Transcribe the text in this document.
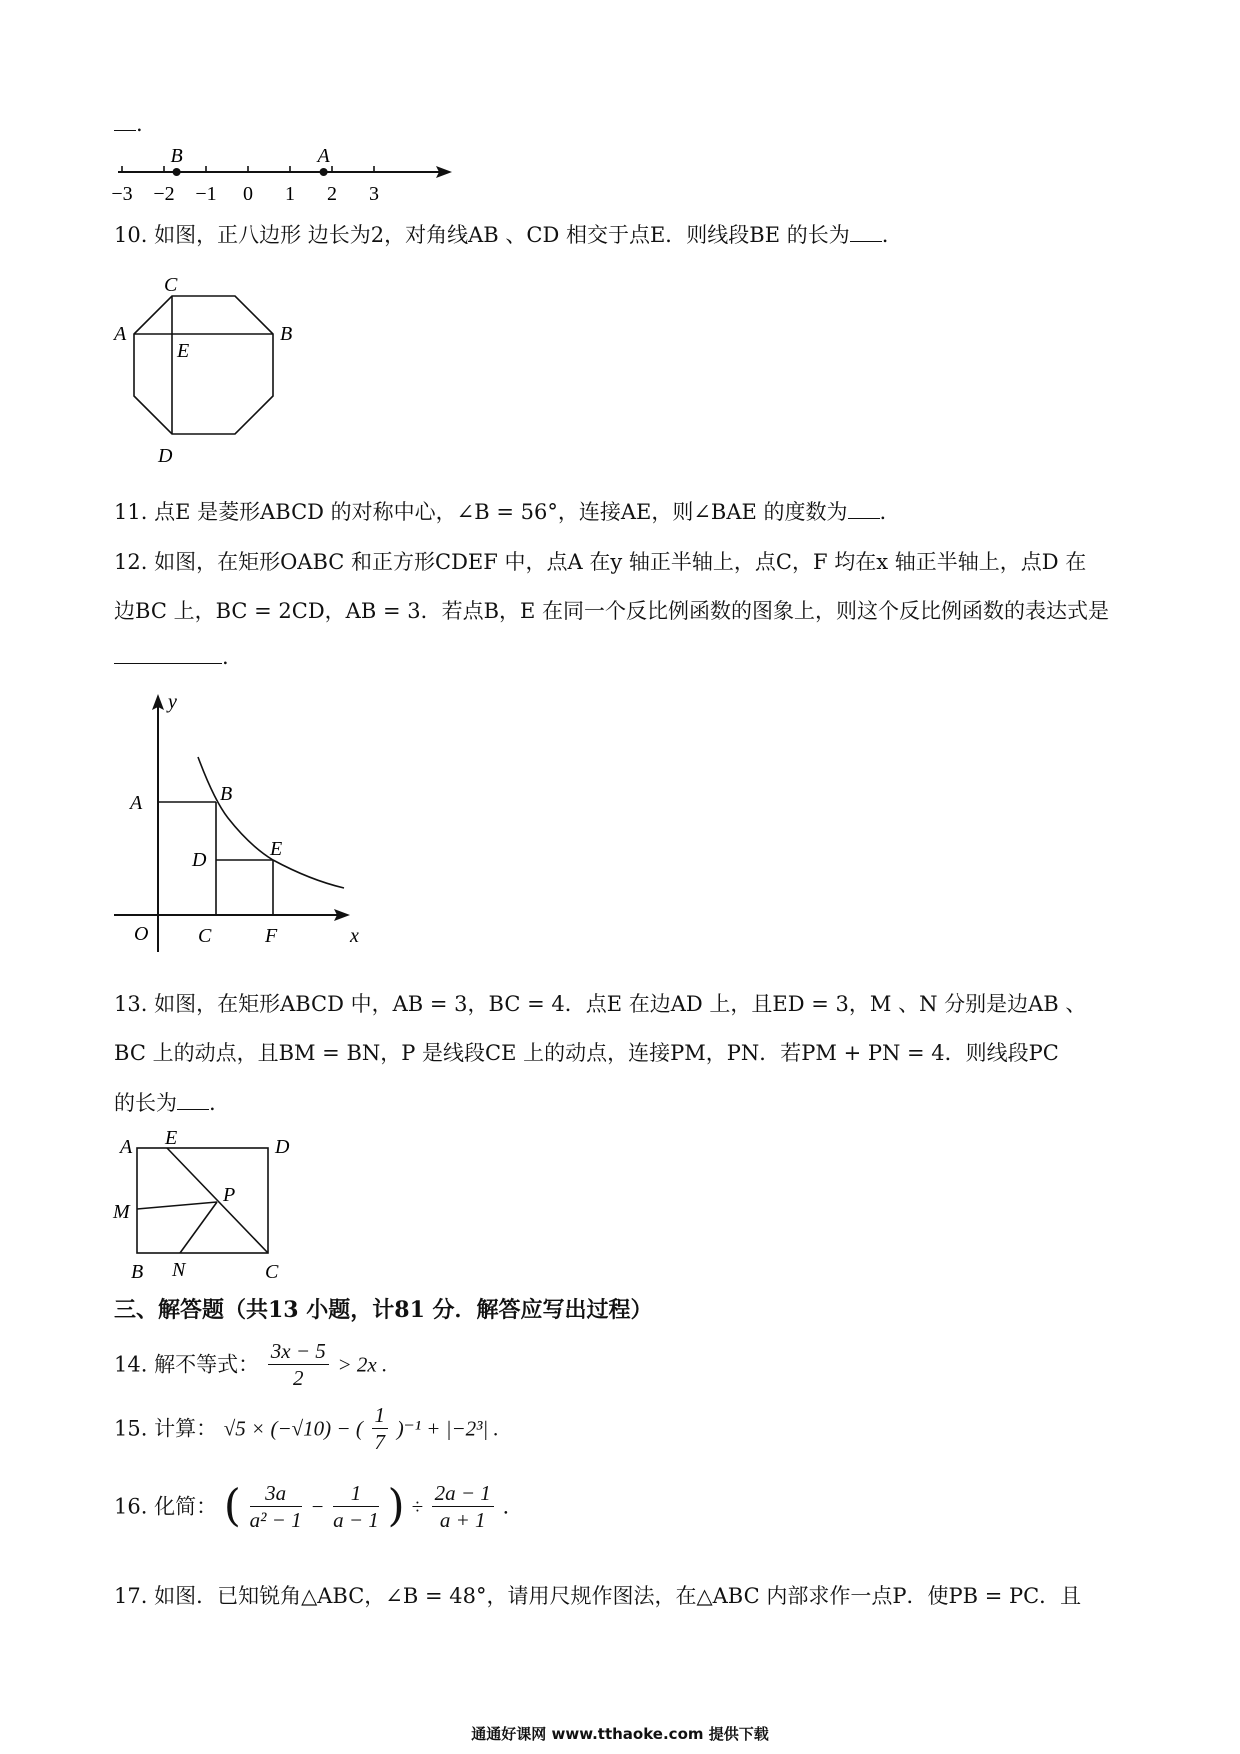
.
−3 −2 −1 0 1 2 3
B	A
10. 如图，正八边形 边长为2，对角线AB 、CD 相交于点E．则线段BE 的长为 .
C
A
E
B
D
11. 点E 是菱形ABCD 的对称中心，∠B = 56°，连接AE，则∠BAE 的度数为 .
12. 如图，在矩形OABC 和正方形CDEF 中，点A 在y 轴正半轴上，点C，F 均在x 轴正半轴上，点D 在
边BC 上，BC = 2CD，AB = 3．若点B，E 在同一个反比例函数的图象上，则这个反比例函数的表达式是
.
y
A	B
D	E
O C	F	x
13. 如图，在矩形ABCD 中，AB = 3，BC = 4．点E 在边AD 上，且ED = 3，M 、N 分别是边AB 、
BC 上的动点，且BM = BN，P 是线段CE 上的动点，连接PM，PN．若PM + PN = 4．则线段PC
的长为 .
A E	D
M
P
B N	C
三、解答题（共13 小题，计81 分．解答应写出过程）
14. 解不等式： $\frac{3x - 5}{2} > 2x$ .
15. 计算： √5 × (−√10) − ( $\frac{1}{7} )^{-1} + |-2^3|$ .
16. 化简： ( $\frac{3a}{\text{a² − 1}} - \frac{1}{a - 1}$ ) ÷ $\frac{2a - 1}{a + 1}$ .
17. 如图．已知锐角△ABC，∠B = 48°，请用尺规作图法，在△ABC 内部求作一点P．使PB = PC．且
通通好课网 www.tthaoke.com 提供下载
